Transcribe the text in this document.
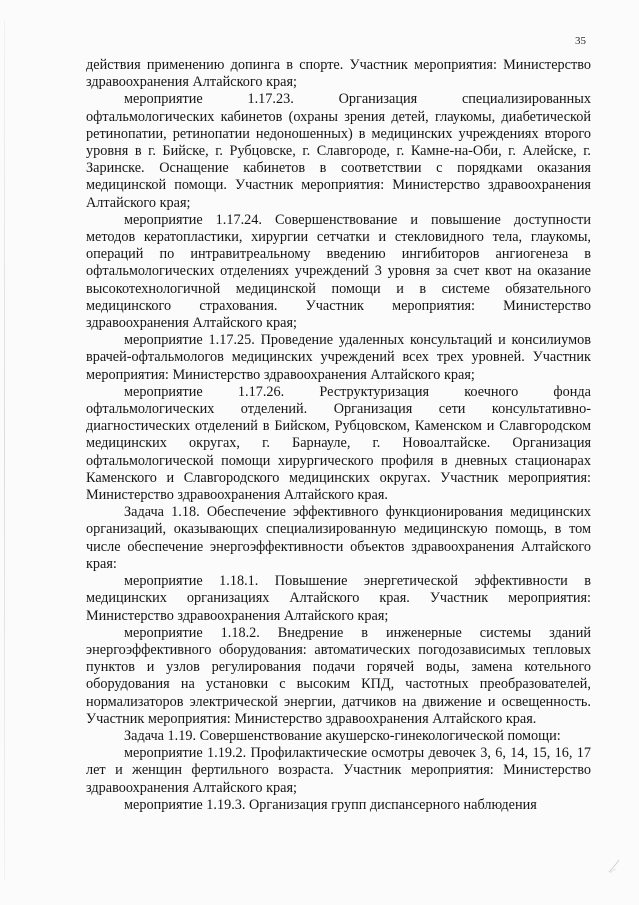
35

действия применению допинга в спорте. Участник мероприятия: Министерство здравоохранения Алтайского края;

мероприятие 1.17.23. Организация специализированных офтальмологических кабинетов (охраны зрения детей, глаукомы, диабетической ретинопатии, ретинопатии недоношенных) в медицинских учреждениях второго уровня в г. Бийске, г. Рубцовске, г. Славгороде, г. Камне-на-Оби, г. Алейске, г. Заринске. Оснащение кабинетов в соответствии с порядками оказания медицинской помощи. Участник мероприятия: Министерство здравоохранения Алтайского края;

мероприятие 1.17.24. Совершенствование и повышение доступности методов кератопластики, хирургии сетчатки и стекловидного тела, глаукомы, операций по интравитреальному введению ингибиторов ангиогенеза в офтальмологических отделениях учреждений 3 уровня за счет квот на оказание высокотехнологичной медицинской помощи и в системе обязательного медицинского страхования. Участник мероприятия: Министерство здравоохранения Алтайского края;

мероприятие 1.17.25. Проведение удаленных консультаций и консилиумов врачей-офтальмологов медицинских учреждений всех трех уровней. Участник мероприятия: Министерство здравоохранения Алтайского края;

мероприятие 1.17.26. Реструктуризация коечного фонда офтальмологических отделений. Организация сети консультативно-диагностических отделений в Бийском, Рубцовском, Каменском и Славгородском медицинских округах, г. Барнауле, г. Новоалтайске. Организация офтальмологической помощи хирургического профиля в дневных стационарах Каменского и Славгородского медицинских округах. Участник мероприятия: Министерство здравоохранения Алтайского края.

Задача 1.18. Обеспечение эффективного функционирования медицинских организаций, оказывающих специализированную медицинскую помощь, в том числе обеспечение энергоэффективности объектов здравоохранения Алтайского края:

мероприятие 1.18.1. Повышение энергетической эффективности в медицинских организациях Алтайского края. Участник мероприятия: Министерство здравоохранения Алтайского края;

мероприятие 1.18.2. Внедрение в инженерные системы зданий энергоэффективного оборудования: автоматических погодозависимых тепловых пунктов и узлов регулирования подачи горячей воды, замена котельного оборудования на установки с высоким КПД, частотных преобразователей, нормализаторов электрической энергии, датчиков на движение и освещенность. Участник мероприятия: Министерство здравоохранения Алтайского края.

Задача 1.19. Совершенствование акушерско-гинекологической помощи:

мероприятие 1.19.2. Профилактические осмотры девочек 3, 6, 14, 15, 16, 17 лет и женщин фертильного возраста. Участник мероприятия: Министерство здравоохранения Алтайского края;

мероприятие 1.19.3. Организация групп диспансерного наблюдения
